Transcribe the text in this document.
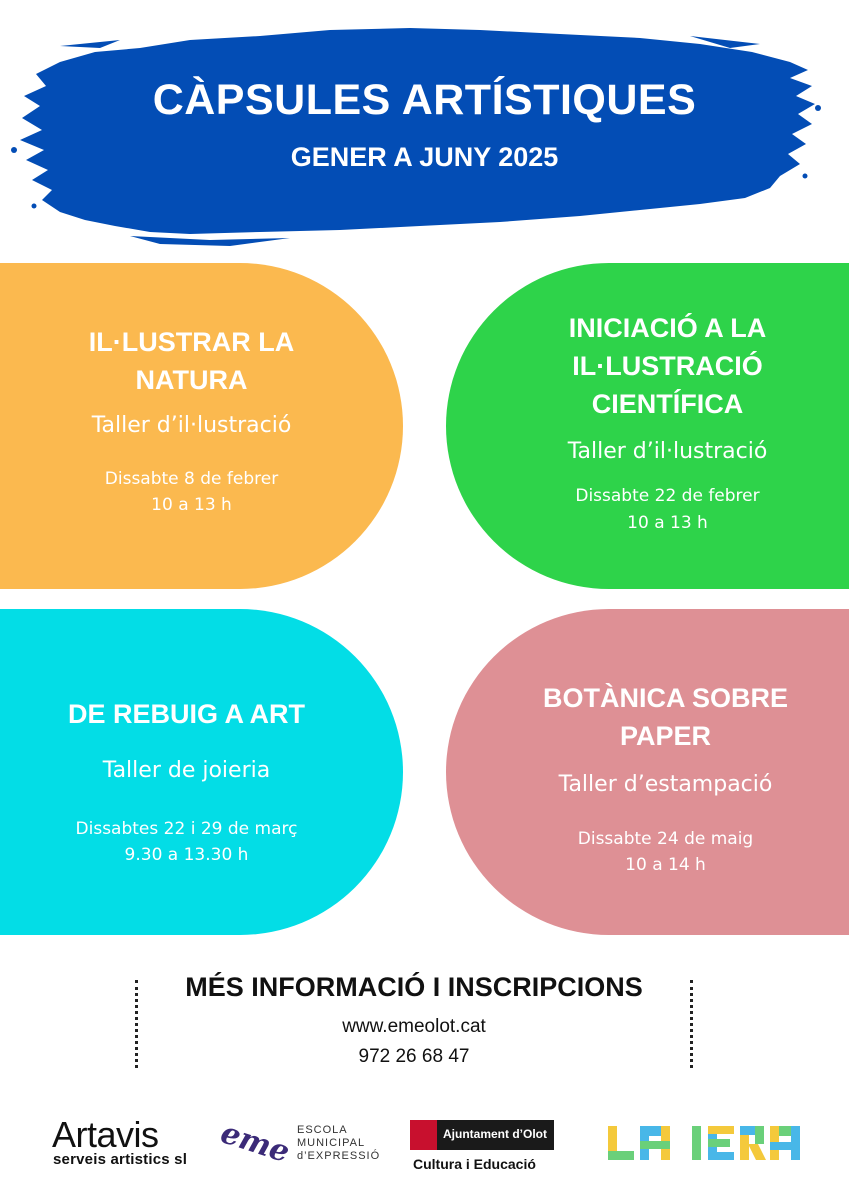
CÀPSULES ARTÍSTIQUES
GENER A JUNY 2025
IL·LUSTRAR LA
NATURA
Taller d’il·lustració
Dissabte 8 de febrer
10 a 13 h
INICIACIÓ A LA
IL·LUSTRACIÓ
CIENTÍFICA
Taller d’il·lustració
Dissabte 22 de febrer
10 a 13 h
DE REBUIG A ART
Taller de joieria
Dissabtes 22 i 29 de març
9.30 a 13.30 h
BOTÀNICA SOBRE
PAPER
Taller d’estampació
Dissabte 24 de maig
10 a 14 h
MÉS INFORMACIÓ I INSCRIPCIONS
www.emeolot.cat
972 26 68 47
Artavis
serveis artistics sl eme ESCOLA
MUNICIPAL
d’EXPRESSIÓ
Ajuntament d’Olot
Cultura i Educació
